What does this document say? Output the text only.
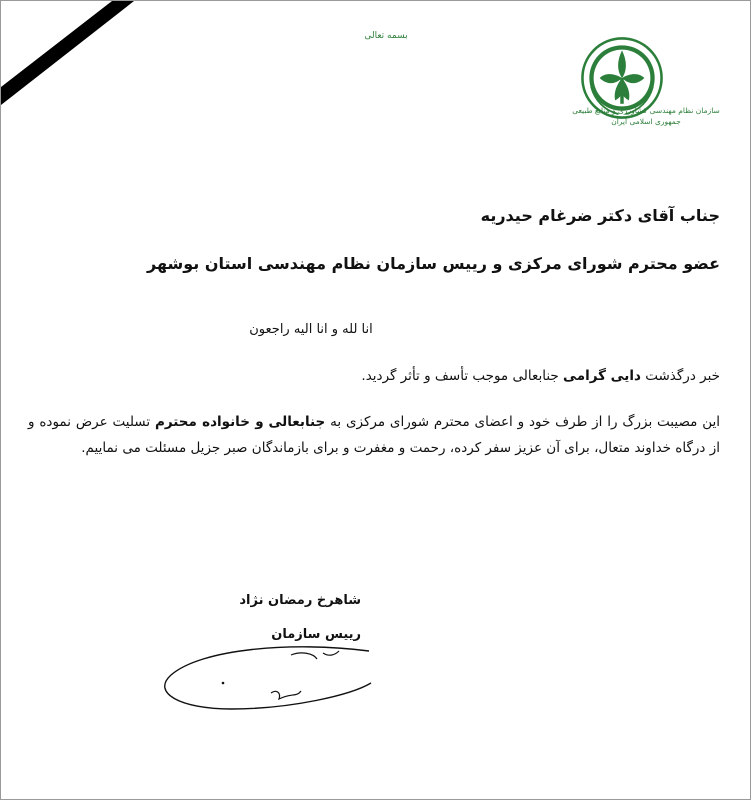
بسمه تعالی
سازمان نظام مهندسی کشاورزی و منابع طبیعی
جمهوری اسلامی ایران
جناب آقای دکتر ضرغام حیدریه
عضو محترم شورای مرکزی و رییس سازمان نظام مهندسی استان بوشهر
انا لله و انا الیه راجعون
خبر درگذشت دایی گرامی جنابعالی موجب تأسف و تأثر گردید.
این مصیبت بزرگ را از طرف خود و اعضای محترم شورای مرکزی به جنابعالی و خانواده محترم تسلیت عرض نموده و از درگاه خداوند متعال، برای آن عزیز سفر کرده، رحمت و مغفرت و برای بازماندگان صبر جزیل مسئلت می نماییم.
شاهرخ رمضان نژاد
رییس سازمان
